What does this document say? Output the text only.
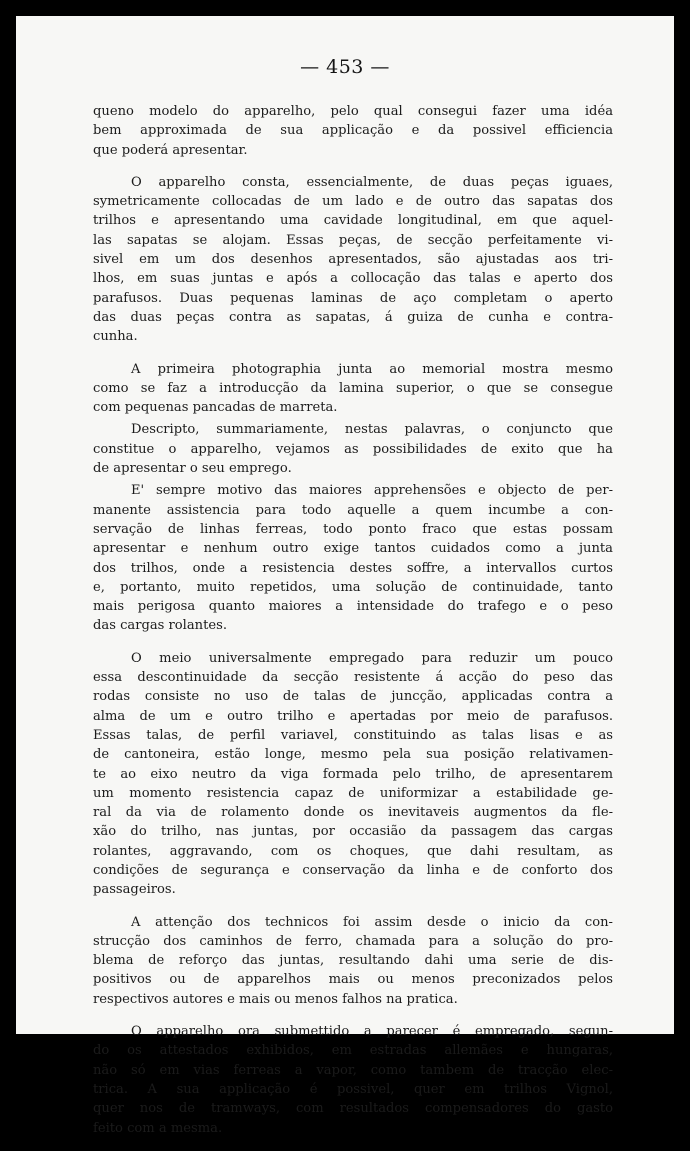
— 453 —
queno modelo do apparelho, pelo qual consegui fazer uma idéa
bem approximada de sua applicação e da possivel efficiencia
que poderá apresentar.
O apparelho consta, essencialmente, de duas peças iguaes,
symetricamente collocadas de um lado e de outro das sapatas dos
trilhos e apresentando uma cavidade longitudinal, em que aquel-
las sapatas se alojam. Essas peças, de secção perfeitamente vi-
sivel em um dos desenhos apresentados, são ajustadas aos tri-
lhos, em suas juntas e após a collocação das talas e aperto dos
parafusos. Duas pequenas laminas de aço completam o aperto
das duas peças contra as sapatas, á guiza de cunha e contra-
cunha.
A primeira photographia junta ao memorial mostra mesmo
como se faz a introducção da lamina superior, o que se consegue
com pequenas pancadas de marreta.
Descripto, summariamente, nestas palavras, o conjuncto que
constitue o apparelho, vejamos as possibilidades de exito que ha
de apresentar o seu emprego.
E' sempre motivo das maiores apprehensões e objecto de per-
manente assistencia para todo aquelle a quem incumbe a con-
servação de linhas ferreas, todo ponto fraco que estas possam
apresentar e nenhum outro exige tantos cuidados como a junta
dos trilhos, onde a resistencia destes soffre, a intervallos curtos
e, portanto, muito repetidos, uma solução de continuidade, tanto
mais perigosa quanto maiores a intensidade do trafego e o peso
das cargas rolantes.
O meio universalmente empregado para reduzir um pouco
essa descontinuidade da secção resistente á acção do peso das
rodas consiste no uso de talas de juncção, applicadas contra a
alma de um e outro trilho e apertadas por meio de parafusos.
Essas talas, de perfil variavel, constituindo as talas lisas e as
de cantoneira, estão longe, mesmo pela sua posição relativamen-
te ao eixo neutro da viga formada pelo trilho, de apresentarem
um momento resistencia capaz de uniformizar a estabilidade ge-
ral da via de rolamento donde os inevitaveis augmentos da fle-
xão do trilho, nas juntas, por occasião da passagem das cargas
rolantes, aggravando, com os choques, que dahi resultam, as
condições de segurança e conservação da linha e de conforto dos
passageiros.
A attenção dos technicos foi assim desde o inicio da con-
strucção dos caminhos de ferro, chamada para a solução do pro-
blema de reforço das juntas, resultando dahi uma serie de dis-
positivos ou de apparelhos mais ou menos preconizados pelos
respectivos autores e mais ou menos falhos na pratica.
O apparelho ora submettido a parecer é empregado, segun-
do os attestados exhibidos, em estradas allemães e hungaras,
não só em vias ferreas a vapor, como tambem de tracção elec-
trica. A sua applicação é possivel, quer em trilhos Vignol,
quer nos de tramways, com resultados compensadores do gasto
feito com a mesma.
